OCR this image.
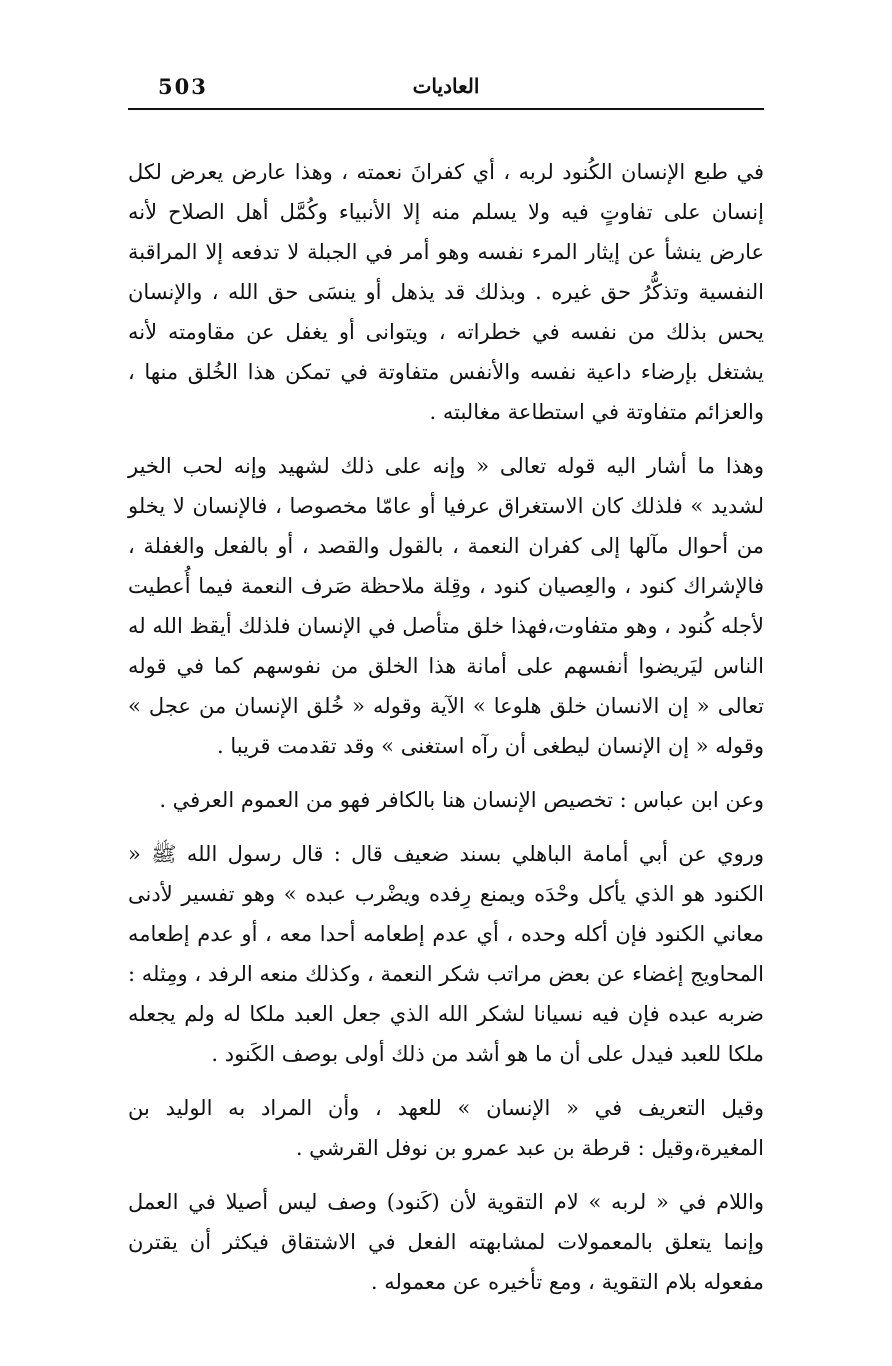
503	العاديات

في طبع الإنسان الكُنود لربه ، أي كفرانَ نعمته ، وهذا عارض يعرض لكل إنسان على تفاوتٍ فيه ولا يسلم منه إلا الأنبياء وكُمَّل أهل الصلاح لأنه عارض ينشأ عن إيثار المرء نفسه وهو أمر في الجبلة لا تدفعه إلا المراقبة النفسية وتذكُّرُ حق غيره . وبذلك قد يذهل أو ينسَى حق الله ، والإنسان يحس بذلك من نفسه في خطراته ، ويتوانى أو يغفل عن مقاومته لأنه يشتغل بإرضاء داعية نفسه والأنفس متفاوتة في تمكن هذا الخُلق منها ، والعزائم متفاوتة في استطاعة مغالبته .

وهذا ما أشار اليه قوله تعالى « وإنه على ذلك لشهيد وإنه لحب الخير لشديد » فلذلك كان الاستغراق عرفيا أو عامّا مخصوصا ، فالإنسان لا يخلو من أحوال مآلها إلى كفران النعمة ، بالقول والقصد ، أو بالفعل والغفلة ، فالإشراك كنود ، والعِصيان كنود ، وقِلة ملاحظة صَرف النعمة فيما أُعطيت لأجله كُنود ، وهو متفاوت،فهذا خلق متأصل في الإنسان فلذلك أيقظ الله له الناس ليَريضوا أنفسهم على أمانة هذا الخلق من نفوسهم كما في قوله تعالى « إن الانسان خلق هلوعا » الآية وقوله « خُلق الإنسان من عجل » وقوله « إن الإنسان ليطغى أن رآه استغنى » وقد تقدمت قريبا .

وعن ابن عباس : تخصيص الإنسان هنا بالكافر فهو من العموم العرفي .

وروي عن أبي أمامة الباهلي بسند ضعيف قال : قال رسول الله ﷺ « الكنود هو الذي يأكل وحْدَه ويمنع رِفده ويضْرب عبده » وهو تفسير لأدنى معاني الكنود فإن أكله وحده ، أي عدم إطعامه أحدا معه ، أو عدم إطعامه المحاويج إغضاء عن بعض مراتب شكر النعمة ، وكذلك منعه الرفد ، ومِثله : ضربه عبده فإن فيه نسيانا لشكر الله الذي جعل العبد ملكا له ولم يجعله ملكا للعبد فيدل على أن ما هو أشد من ذلك أولى بوصف الكَنود .

وقيل التعريف في « الإنسان » للعهد ، وأن المراد به الوليد بن المغيرة،وقيل : قرطة بن عبد عمرو بن نوفل القرشي .

واللام في « لربه » لام التقوية لأن (كَنود) وصف ليس أصيلا في العمل وإنما يتعلق بالمعمولات لمشابهته الفعل في الاشتقاق فيكثر أن يقترن مفعوله بلام التقوية ، ومع تأخيره عن معموله .
